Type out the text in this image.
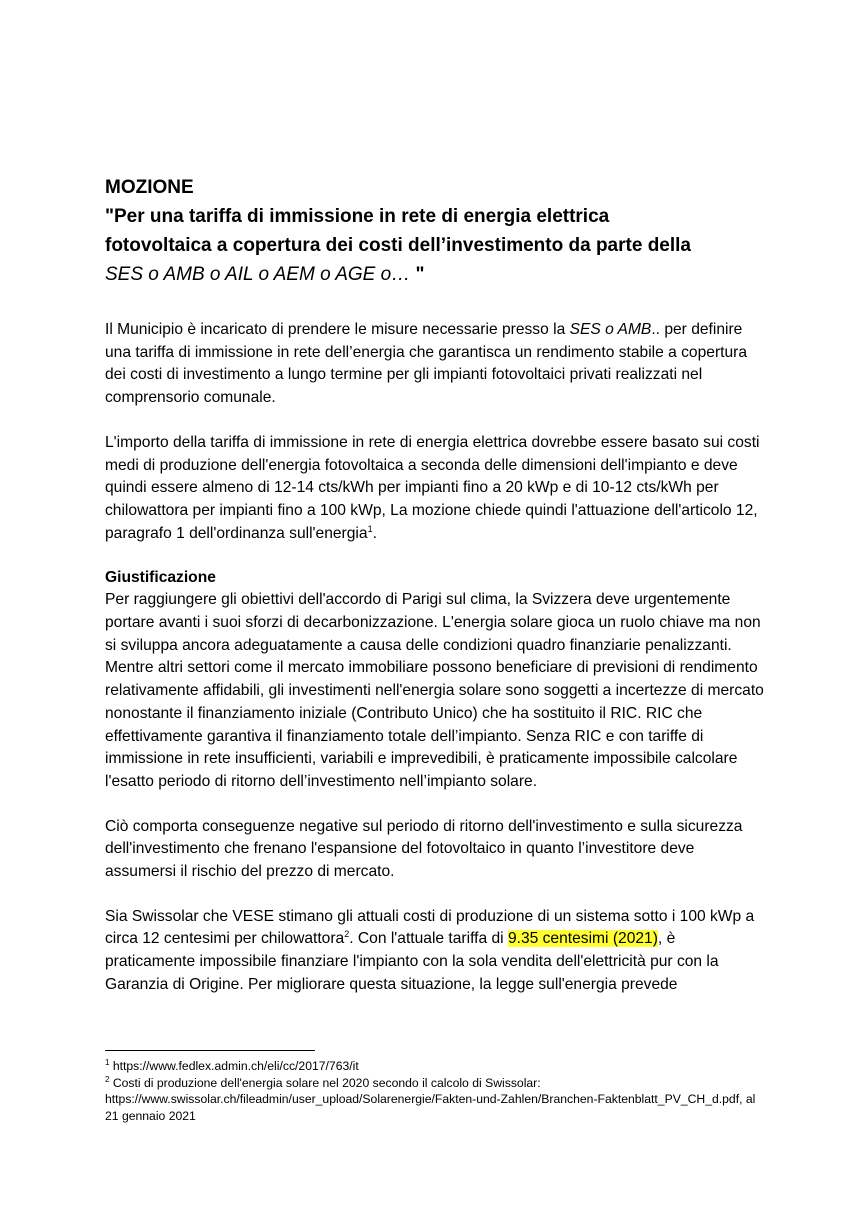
MOZIONE

"Per una tariffa di immissione in rete di energia elettrica
fotovoltaica a copertura dei costi dell’investimento da parte della
SES o AMB o AIL o AEM o AGE o… "

Il Municipio è incaricato di prendere le misure necessarie presso la SES o AMB.. per definire una tariffa di immissione in rete dell’energia che garantisca un rendimento stabile a copertura dei costi di investimento a lungo termine per gli impianti fotovoltaici privati realizzati nel comprensorio comunale.

L'importo della tariffa di immissione in rete di energia elettrica dovrebbe essere basato sui costi medi di produzione dell'energia fotovoltaica a seconda delle dimensioni dell'impianto e deve quindi essere almeno di 12-14 cts/kWh per impianti fino a 20 kWp e di 10-12 cts/kWh per chilowattora per impianti fino a 100 kWp, La mozione chiede quindi l'attuazione dell'articolo 12, paragrafo 1 dell'ordinanza sull'energia$^1$.

Giustificazione

Per raggiungere gli obiettivi dell'accordo di Parigi sul clima, la Svizzera deve urgentemente portare avanti i suoi sforzi di decarbonizzazione. L'energia solare gioca un ruolo chiave ma non si sviluppa ancora adeguatamente a causa delle condizioni quadro finanziarie penalizzanti. Mentre altri settori come il mercato immobiliare possono beneficiare di previsioni di rendimento relativamente affidabili, gli investimenti nell'energia solare sono soggetti a incertezze di mercato nonostante il finanziamento iniziale (Contributo Unico) che ha sostituito il RIC. RIC che effettivamente garantiva il finanziamento totale dell’impianto. Senza RIC e con tariffe di immissione in rete insufficienti, variabili e imprevedibili, è praticamente impossibile calcolare l'esatto periodo di ritorno dell’investimento nell’impianto solare.

Ciò comporta conseguenze negative sul periodo di ritorno dell'investimento e sulla sicurezza dell'investimento che frenano l'espansione del fotovoltaico in quanto l’investitore deve assumersi il rischio del prezzo di mercato.

Sia Swissolar che VESE stimano gli attuali costi di produzione di un sistema sotto i 100 kWp a circa 12 centesimi per chilowattora$^2$. Con l'attuale tariffa di 9.35 centesimi (2021), è praticamente impossibile finanziare l'impianto con la sola vendita dell'elettricità pur con la Garanzia di Origine. Per migliorare questa situazione, la legge sull'energia prevede

$^1$ https://www.fedlex.admin.ch/eli/cc/2017/763/it

$^2$ Costi di produzione dell'energia solare nel 2020 secondo il calcolo di Swissolar: https://www.swissolar.ch/fileadmin/user_upload/Solarenergie/Fakten-und-Zahlen/Branchen-Faktenblatt_PV_CH_d.pdf, al 21 gennaio 2021
